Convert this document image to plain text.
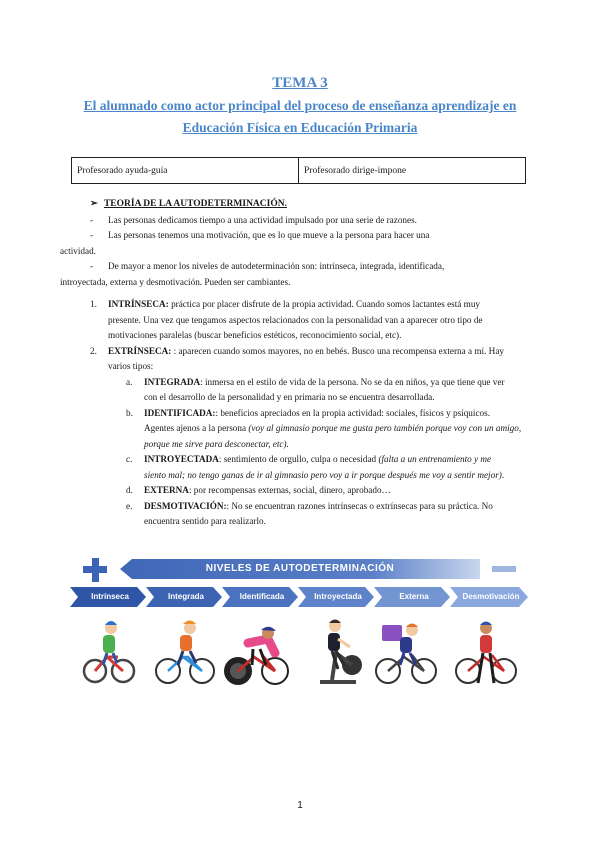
TEMA 3
El alumnado como actor principal del proceso de enseñanza aprendizaje en
Educación Física en Educación Primaria
Profesorado ayuda-guía	Profesorado dirige-impone
➢ TEORÍA DE LA AUTODETERMINACIÓN.
- Las personas dedicamos tiempo a una actividad impulsado por una serie de razones.
- Las personas tenemos una motivación, que es lo que mueve a la persona para hacer una
actividad.
- De mayor a menor los niveles de autodeterminación son: intrínseca, integrada, identificada,
introyectada, externa y desmotivación. Pueden ser cambiantes.
1. INTRÍNSECA: práctica por placer disfrute de la propia actividad. Cuando somos lactantes está muy
presente. Una vez que tengamos aspectos relacionados con la personalidad van a aparecer otro tipo de
motivaciones paralelas (buscar beneficios estéticos, reconocimiento social, etc).
2. EXTRÍNSECA: : aparecen cuando somos mayores, no en bebés. Busco una recompensa externa a mí. Hay
varios tipos:
a. INTEGRADA: inmersa en el estilo de vida de la persona. No se da en niños, ya que tiene que ver
con el desarrollo de la personalidad y en primaria no se encuentra desarrollada.
b. IDENTIFICADA:: beneficios apreciados en la propia actividad: sociales, físicos y psíquicos.
Agentes ajenos a la persona (voy al gimnasio porque me gusta pero también porque voy con un amigo,
porque me sirve para desconectar, etc).
c. INTROYECTADA: sentimiento de orgullo, culpa o necesidad (falta a un entrenamiento y me
siento mal; no tengo ganas de ir al gimnasio pero voy a ir porque después me voy a sentir mejor).
d. EXTERNA: por recompensas externas, social, dinero, aprobado…
e. DESMOTIVACIÓN:: No se encuentran razones intrínsecas o extrínsecas para su práctica. No
encuentra sentido para realizarlo.
NIVELES DE AUTODETERMINACIÓN
Intrínseca	Integrada	Identificada	Introyectada	Externa	Desmotivación
1
